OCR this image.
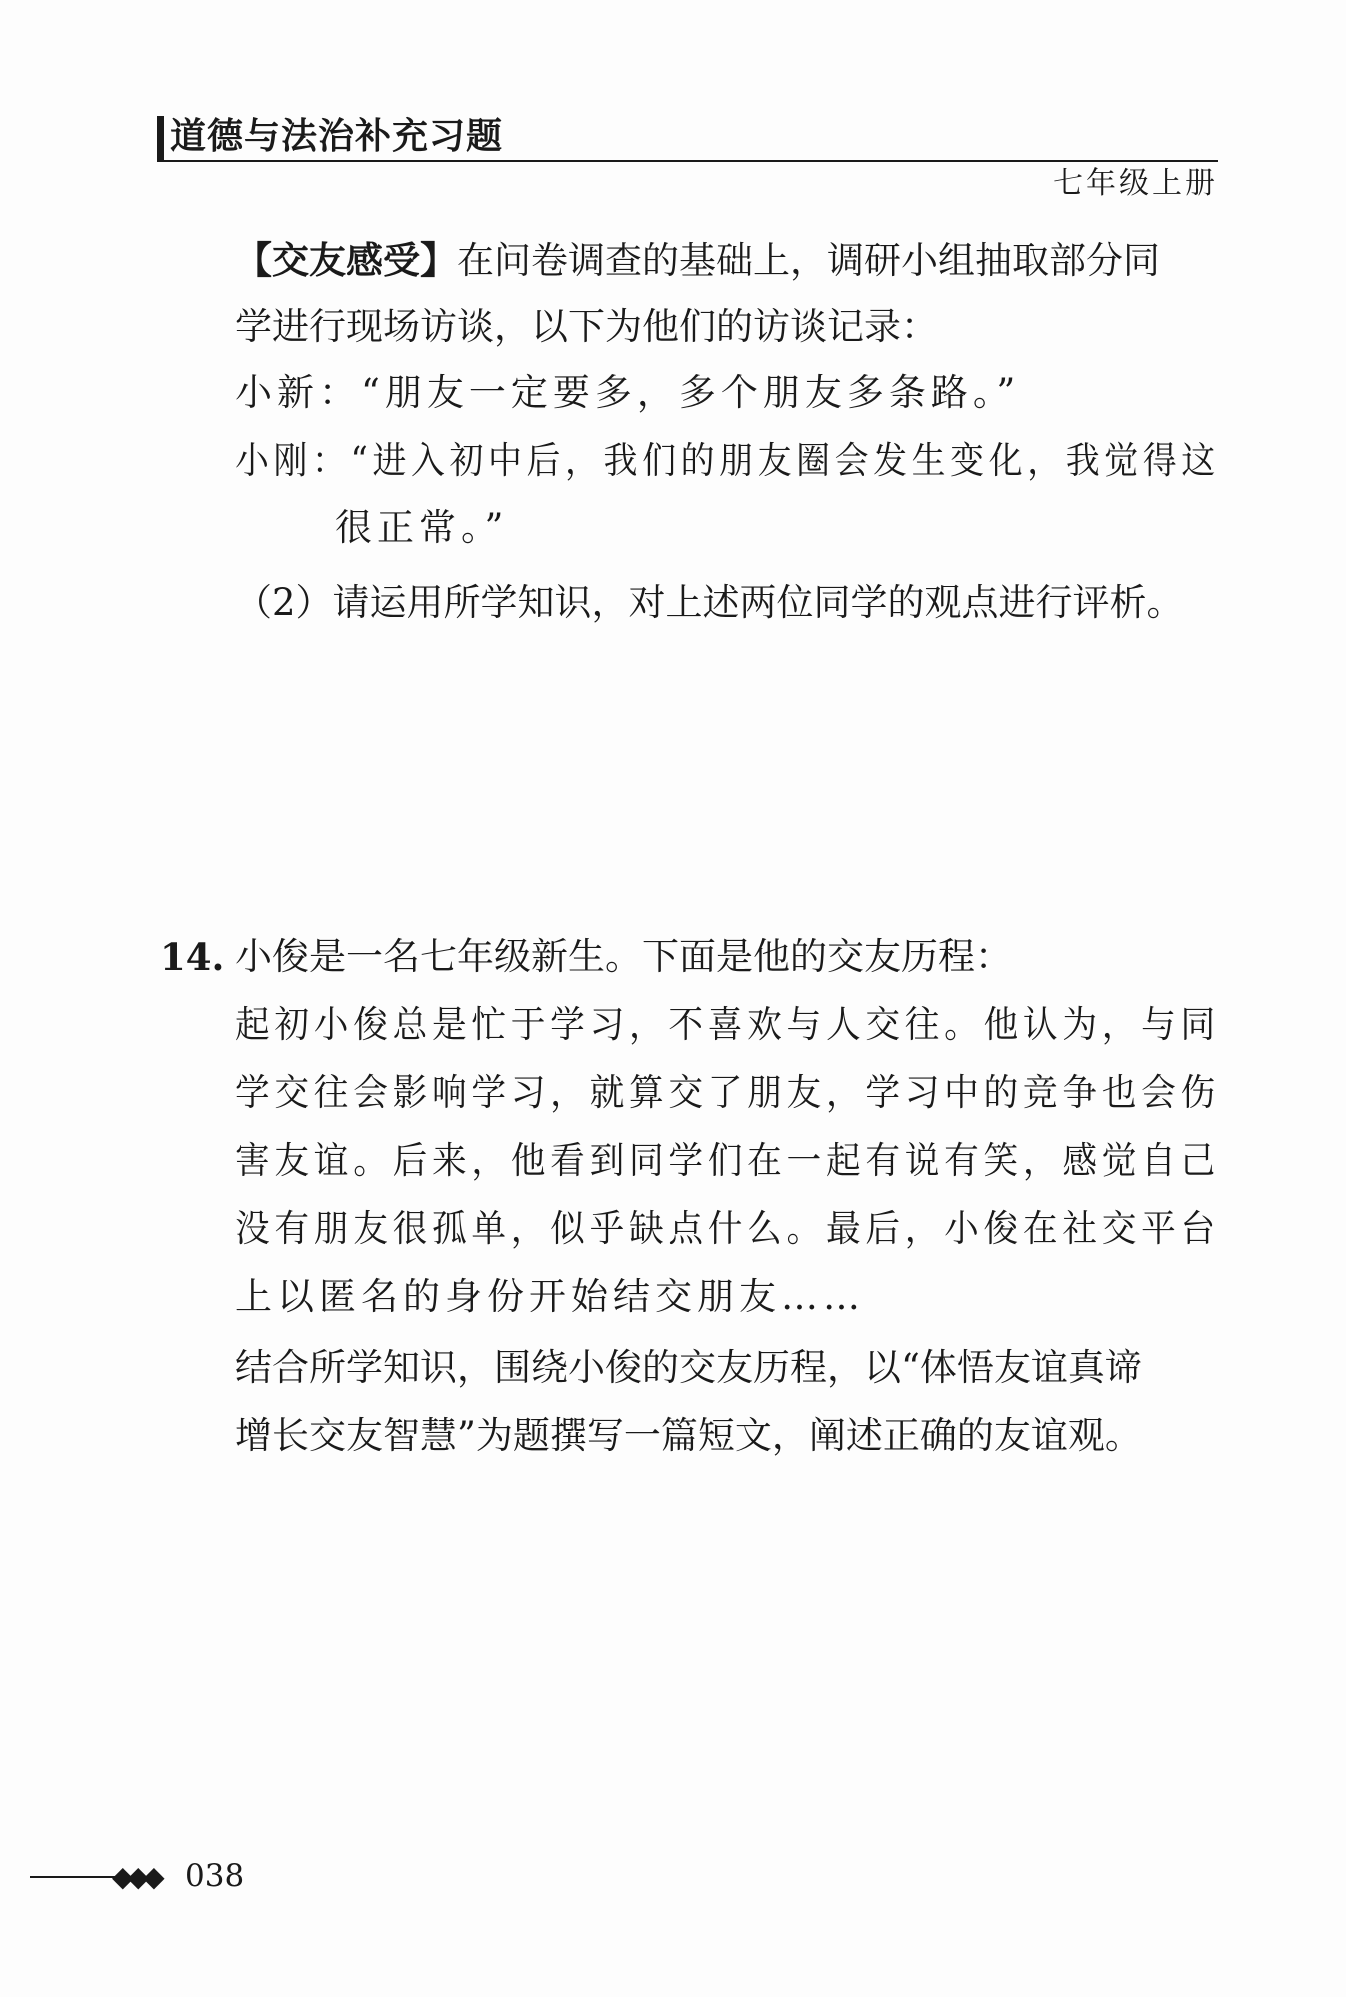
道德与法治补充习题
七年级上册
【交友感受】在问卷调查的基础上，调研小组抽取部分同
学进行现场访谈，以下为他们的访谈记录：
小新：“朋友一定要多，多个朋友多条路。”
小刚：“进入初中后，我们的朋友圈会发生变化，我觉得这
很正常。”
（2）请运用所学知识，对上述两位同学的观点进行评析。
14. 小俊是一名七年级新生。下面是他的交友历程：
起初小俊总是忙于学习，不喜欢与人交往。他认为，与同
学交往会影响学习，就算交了朋友，学习中的竞争也会伤
害友谊。后来，他看到同学们在一起有说有笑，感觉自己
没有朋友很孤单，似乎缺点什么。最后，小俊在社交平台
上以匿名的身份开始结交朋友……
结合所学知识，围绕小俊的交友历程，以“体悟友谊真谛
增长交友智慧”为题撰写一篇短文，阐述正确的友谊观。
◆◆◆ 038
